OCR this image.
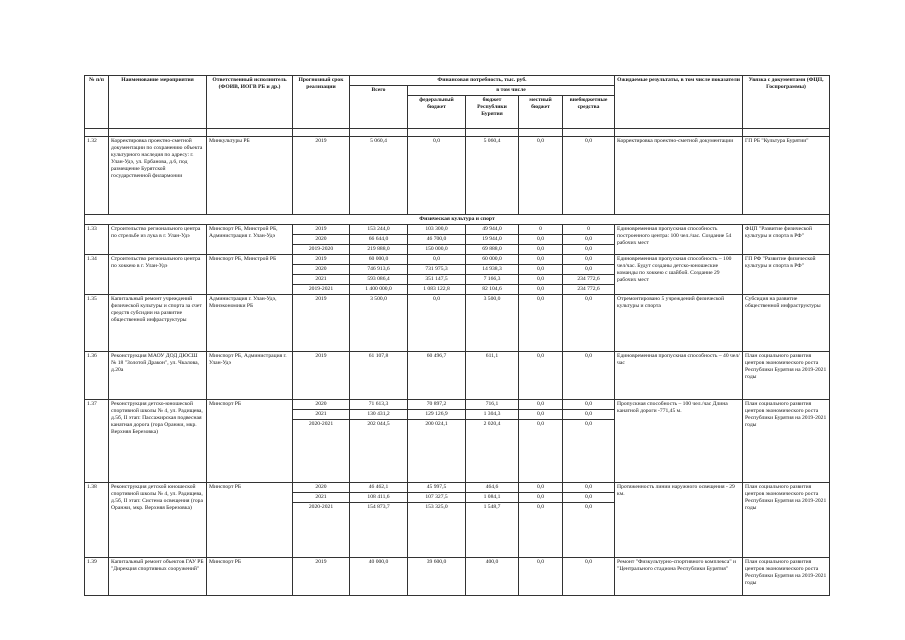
№ п/п	Наименование мероприятия	Ответственный исполнитель (ФОИВ, ИОГВ РБ и др.)	Прогнозный срок реализации	Финансовая потребность, тыс. руб.					Ожидаемые результаты, в том числе показатели	Увязка с документами (ФЦП, Госпрограммы)
				Всего	в том числе					
					федеральный бюджет	бюджет Республики Бурятия	местный бюджет	внебюджетные средства		

1.32	Корректировка проектно-сметной документации по сохранению объекта культурного наследия по адресу: г. Улан-Удэ, ул. Ербанова, д.6, под размещение Бурятской государственной филармонии	Минкультуры РБ	2019	5 060,4	0,0	5 060,4	0,0	0,0	Корректировка проектно-сметной документации	ГП РБ "Культура Бурятии"
Физическая культура и спорт										
1.33	Строительство регионального центра по стрельбе из лука в г. Улан-Удэ	Минспорт РБ, Минстрой РБ, Администрация г. Улан-Удэ	2019	153 244,0	103 300,0	49 944,0	0	0	Единовременная пропускная способность построенного центра: 100 чел./час. Создание 54 рабочих мест	ФЦП "Развитие физической культуры и спорта в РФ"
			2020	66 644,0	46 700,0	19 944,0	0,0	0,0		
			2019-2020	219 888,0	150 000,0	69 888,0	0,0	0,0		
1.34	Строительство регионального центра по хоккею в г. Улан-Удэ	Минспорт РБ, Минстрой РБ	2019	60 000,0	0,0	60 000,0	0,0	0,0	Единовременная пропускная способность – 100 чел/час. Будут созданы детско-юношеские команды по хоккею с шайбой. Создание 29 рабочих мест	ГП РФ "Развитие физической культуры и спорта в РФ"
			2020	746 913,6	731 975,3	14 938,3	0,0	0,0		
			2021	593 086,4	351 147,5	7 166,3	0,0	234 772,6		
			2019-2021	1 400 000,0	1 083 122,8	82 104,6	0,0	234 772,6		
1.35	Капитальный ремонт учреждений физической культуры и спорта за счет средств субсидии на развитие общественной инфраструктуры	Администрация г. Улан-Удэ, Минэкономики РБ	2019	3 500,0	0,0	3 500,0	0,0	0,0	Отремонтировано 5 учреждений физической культуры и спорта	Субсидия на развитие общественной инфраструктуры
1.36	Реконструкция МАОУ ДОД ДЮСШ № 18 "Золотой Дракон", ул. Чкалова, д.20а	Минспорт РБ, Администрация г. Улан-Удэ	2019	61 107,8	60 496,7	611,1	0,0	0,0	Единовременная пропускная способность – 40 чел/час	План социального развития центров экономического роста Республики Бурятия на 2019-2021 годы
1.37	Реконструкция детско-юношеской спортивной школы № 4, ул. Радищева, д.5б, II этап: Пассажирская подвесная канатная дорога (гора Оранжи, мкр. Верхняя Березовка)	Минспорт РБ	2020	71 613,3	70 897,2	716,1	0,0	0,0	Пропускная способность – 100 чел./час Длина канатной дороги -771,45 м.	План социального развития центров экономического роста Республики Бурятия на 2019-2021 годы
			2021	130 431,2	129 126,9	1 304,3	0,0	0,0		
			2020-2021	202 044,5	200 024,1	2 020,4	0,0	0,0		
1.38	Реконструкция детской юношеской спортивной школы № 4, ул. Радищева, д.5б, II этап: Система освещения (гора Оранжи, мкр. Верхняя Березовка)	Минспорт РБ	2020	46 462,1	45 997,5	464,6	0,0	0,0	Протяженность линии наружного освещения - 29 км.	План социального развития центров экономического роста Республики Бурятия на 2019-2021 годы
			2021	108 411,6	107 327,5	1 084,1	0,0	0,0		
			2020-2021	154 873,7	153 325,0	1 548,7	0,0	0,0		
1.39	Капитальный ремонт объектов ГАУ РБ "Дирекция спортивных сооружений"	Минспорт РБ	2019	40 000,0	39 600,0	400,0	0,0	0,0	Ремонт "Физкультурно-спортивного комплекса" и "Центрального стадиона Республики Бурятия"	План социального развития центров экономического роста Республики Бурятия на 2019-2021 годы
